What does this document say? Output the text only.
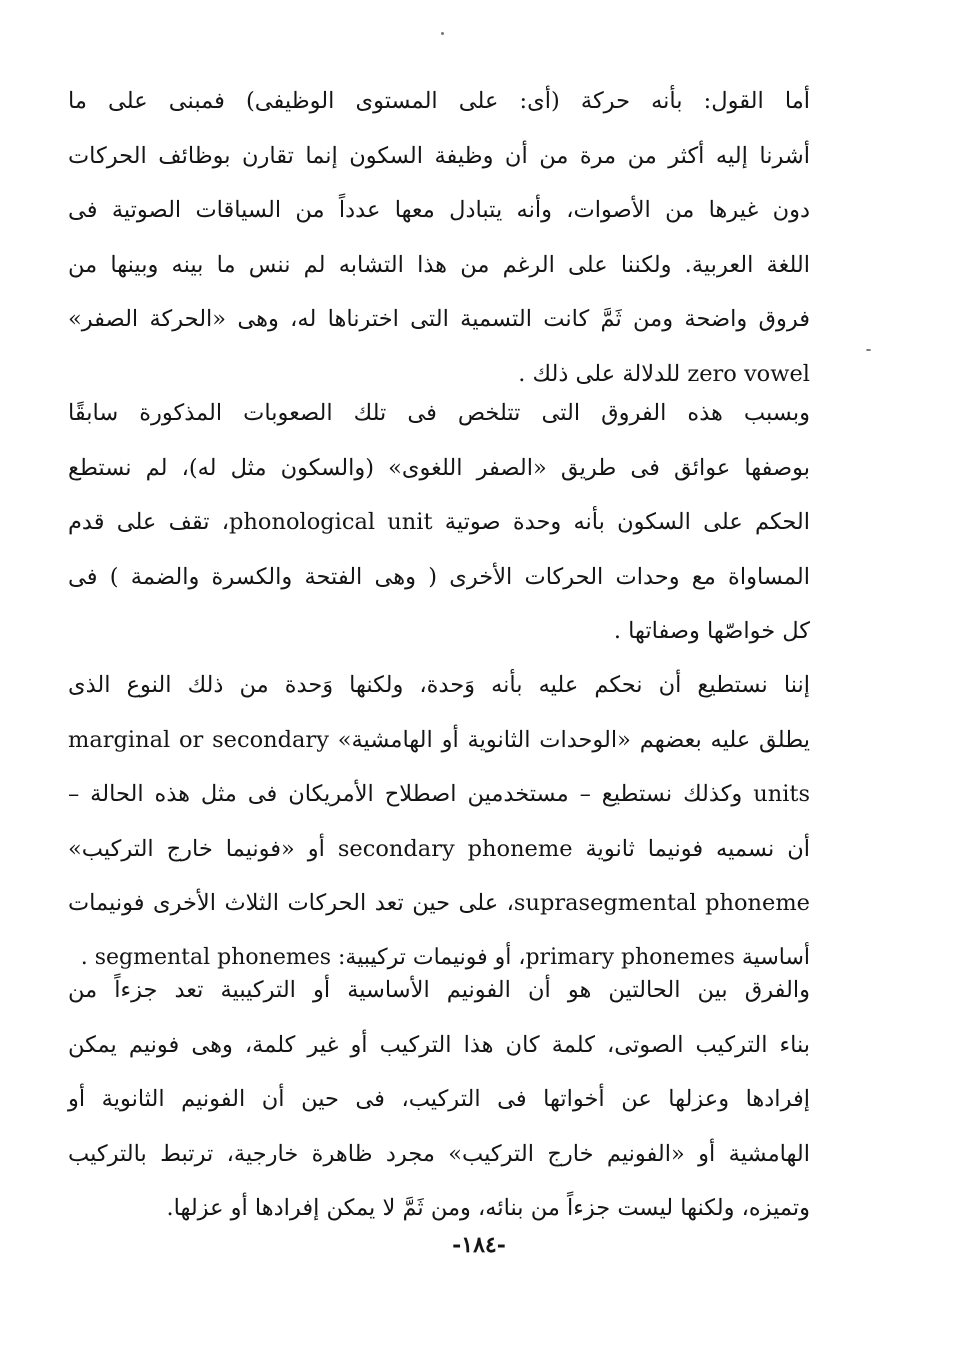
أما القول: بأنه حركة (أى: على المستوى الوظيفى) فمبنى على ما
أشرنا إليه أكثر من مرة من أن وظيفة السكون إنما تقارن بوظائف الحركات
دون غيرها من الأصوات، وأنه يتبادل معها عدداً من السياقات الصوتية فى
اللغة العربية. ولكننا على الرغم من هذا التشابه لم ننس ما بينه وبينها من
فروق واضحة ومن ثَمَّ كانت التسمية التى اخترناها له، وهى «الحركة الصفر»
zero vowel للدلالة على ذلك .
وبسبب هذه الفروق التى تتلخص فى تلك الصعوبات المذكورة سابقًا
بوصفها عوائق فى طريق «الصفر اللغوى» (والسكون مثل له)، لم نستطع
الحكم على السكون بأنه وحدة صوتية phonological unit، تقف على قدم
المساواة مع وحدات الحركات الأخرى ( وهى الفتحة والكسرة والضمة ) فى
كل خواصّها وصفاتها .
إننا نستطيع أن نحكم عليه بأنه وَحدة، ولكنها وَحدة من ذلك النوع الذى
يطلق عليه بعضهم «الوحدات الثانوية أو الهامشية» marginal or secondary
units وكذلك نستطيع – مستخدمين اصطلاح الأمريكان فى مثل هذه الحالة –
أن نسميه فونيما ثانوية secondary phoneme أو «فونيما خارج التركيب»
suprasegmental phoneme، على حين تعد الحركات الثلاث الأخرى فونيمات
أساسية primary phonemes، أو فونيمات تركيبية: segmental phonemes .
والفرق بين الحالتين هو أن الفونيم الأساسية أو التركيبية تعد جزءاً من
بناء التركيب الصوتى، كلمة كان هذا التركيب أو غير كلمة، وهى فونيم يمكن
إفرادها وعزلها عن أخواتها فى التركيب، فى حين أن الفونيم الثانوية أو
الهامشية أو «الفونيم خارج التركيب» مجرد ظاهرة خارجية، ترتبط بالتركيب
وتميزه، ولكنها ليست جزءاً من بنائه، ومن ثَمَّ لا يمكن إفرادها أو عزلها.
-١٨٤-
